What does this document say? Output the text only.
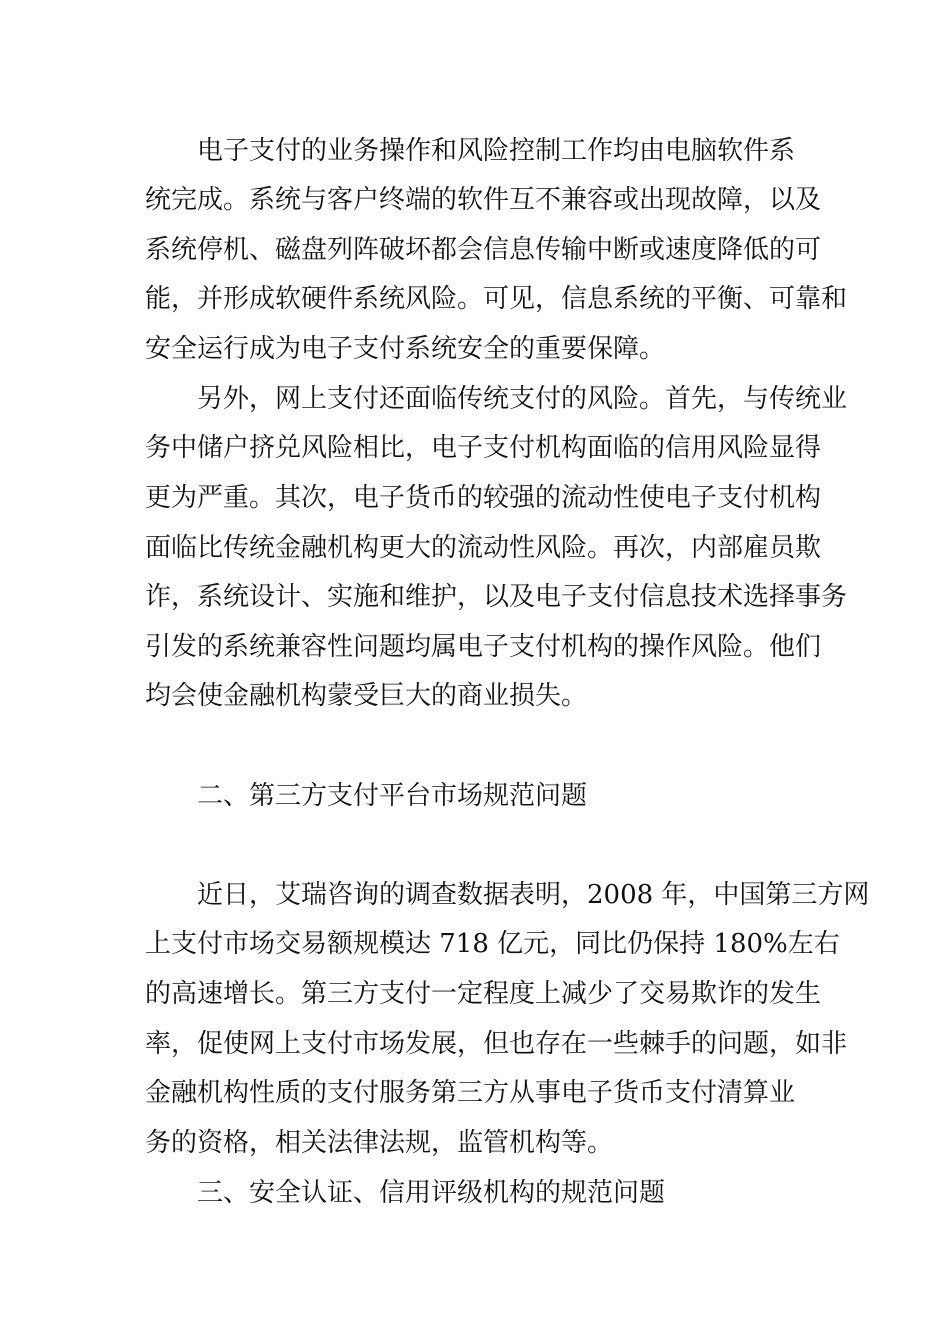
电子支付的业务操作和风险控制工作均由电脑软件系

统完成。系统与客户终端的软件互不兼容或出现故障，以及

系统停机、磁盘列阵破坏都会信息传输中断或速度降低的可

能，并形成软硬件系统风险。可见，信息系统的平衡、可靠和

安全运行成为电子支付系统安全的重要保障。

另外，网上支付还面临传统支付的风险。首先，与传统业

务中储户挤兑风险相比，电子支付机构面临的信用风险显得

更为严重。其次，电子货币的较强的流动性使电子支付机构

面临比传统金融机构更大的流动性风险。再次，内部雇员欺

诈，系统设计、实施和维护，以及电子支付信息技术选择事务

引发的系统兼容性问题均属电子支付机构的操作风险。他们

均会使金融机构蒙受巨大的商业损失。

二、第三方支付平台市场规范问题

近日，艾瑞咨询的调查数据表明，2008 年，中国第三方网

上支付市场交易额规模达 718 亿元，同比仍保持 180%左右

的高速增长。第三方支付一定程度上减少了交易欺诈的发生

率，促使网上支付市场发展，但也存在一些棘手的问题，如非

金融机构性质的支付服务第三方从事电子货币支付清算业

务的资格，相关法律法规，监管机构等。

三、安全认证、信用评级机构的规范问题
